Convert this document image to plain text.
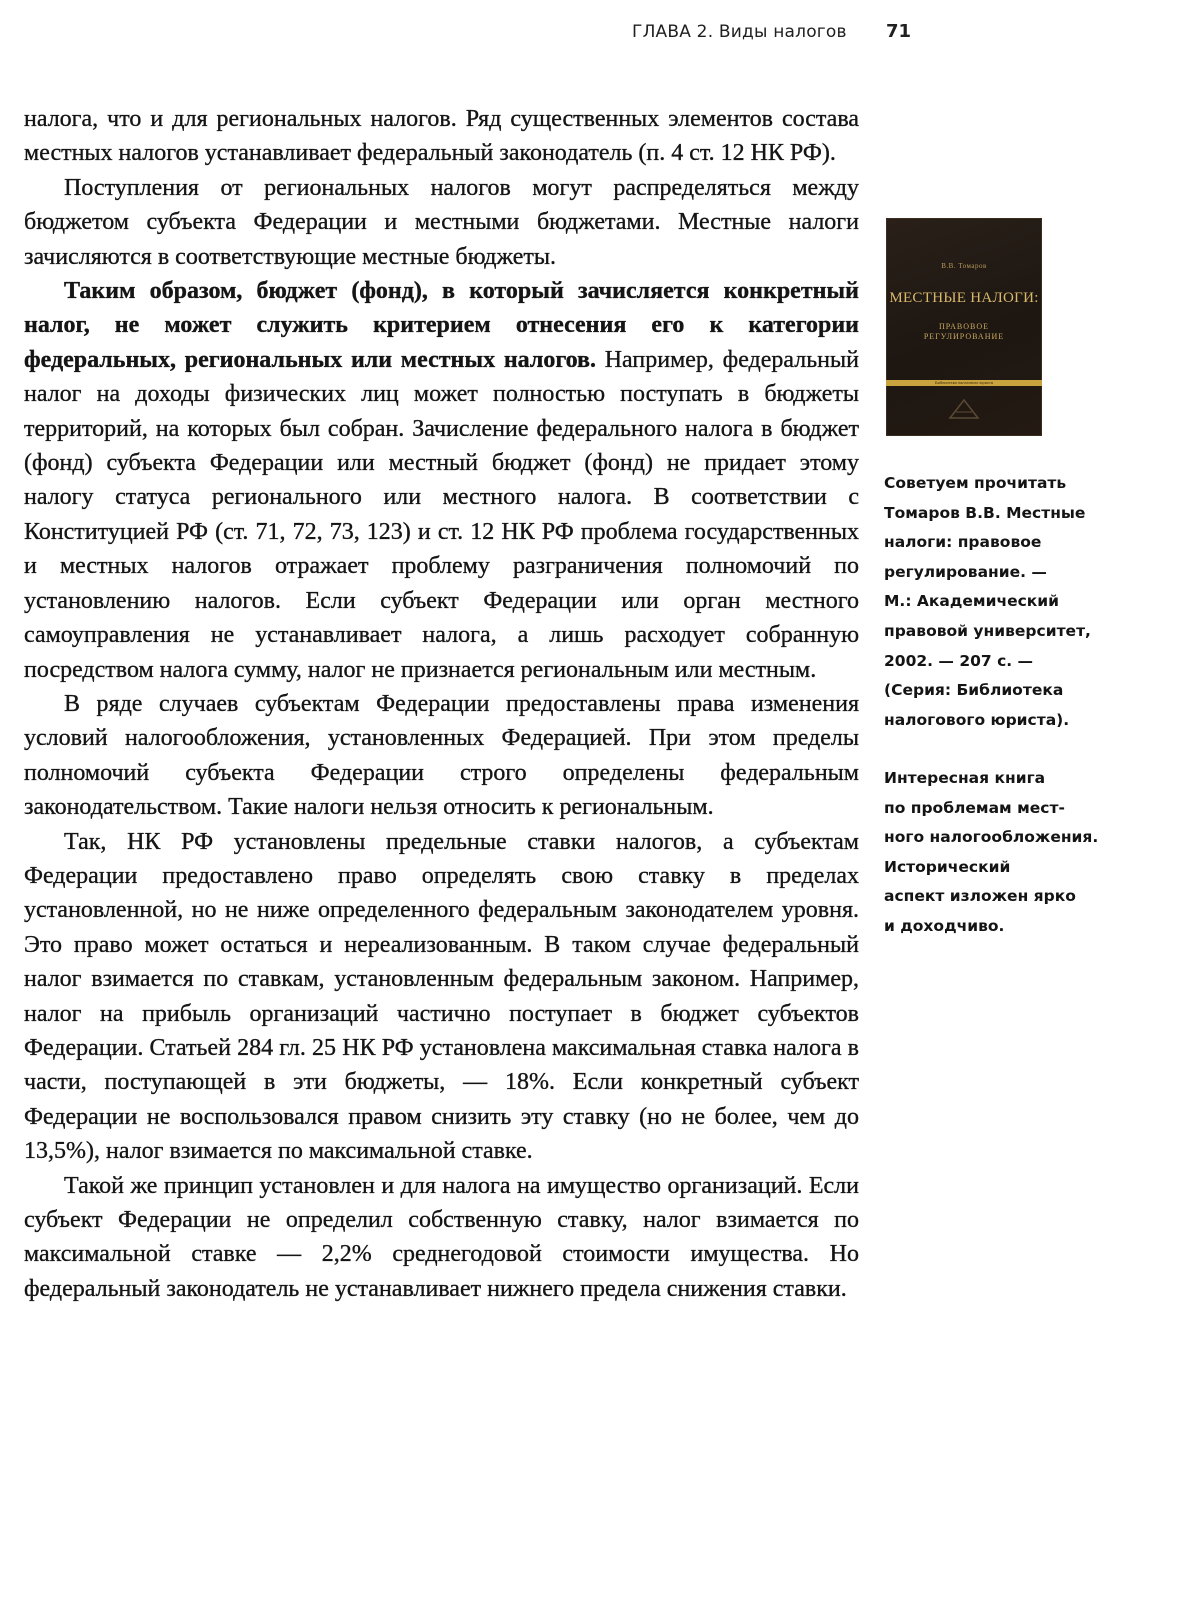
ГЛАВА 2. Виды налогов 71

налога, что и для региональных налогов. Ряд существенных элементов состава местных налогов устанавливает федеральный законодатель (п. 4 ст. 12 НК РФ).

Поступления от региональных налогов могут распределяться между бюджетом субъекта Федерации и местными бюджетами. Местные налоги зачисляются в соответствующие местные бюджеты.

Таким образом, бюджет (фонд), в который зачисляется конкретный налог, не может служить критерием отнесения его к категории федеральных, региональных или местных налогов. Например, федеральный налог на доходы физических лиц может полностью поступать в бюджеты территорий, на которых был собран. Зачисление федерального налога в бюджет (фонд) субъекта Федерации или местный бюджет (фонд) не придает этому налогу статуса регионального или местного налога. В соответствии с Конституцией РФ (ст. 71, 72, 73, 123) и ст. 12 НК РФ проблема государственных и местных налогов отражает проблему разграничения полномочий по установлению налогов. Если субъект Федерации или орган местного самоуправления не устанавливает налога, а лишь расходует собранную посредством налога сумму, налог не признается региональным или местным.

В ряде случаев субъектам Федерации предоставлены права изменения условий налогообложения, установленных Федерацией. При этом пределы полномочий субъекта Федерации строго определены федеральным законодательством. Такие налоги нельзя относить к региональным.

Так, НК РФ установлены предельные ставки налогов, а субъектам Федерации предоставлено право определять свою ставку в пределах установленной, но не ниже определенного федеральным законодателем уровня. Это право может остаться и нереализованным. В таком случае федеральный налог взимается по ставкам, установленным федеральным законом. Например, налог на прибыль организаций частично поступает в бюджет субъектов Федерации. Статьей 284 гл. 25 НК РФ установлена максимальная ставка налога в части, поступающей в эти бюджеты, — 18%. Если конкретный субъект Федерации не воспользовался правом снизить эту ставку (но не более, чем до 13,5%), налог взимается по максимальной ставке.

Такой же принцип установлен и для налога на имущество организаций. Если субъект Федерации не определил собственную ставку, налог взимается по максимальной ставке — 2,2% среднегодовой стоимости имущества. Но федеральный законодатель не устанавливает нижнего предела снижения ставки.

В.В. Томаров
МЕСТНЫЕ НАЛОГИ:
ПРАВОВОЕ
РЕГУЛИРОВАНИЕ
Библиотека налогового юриста
Советуем прочитать
Томаров В.В. Местные
налоги: правовое
регулирование. —
М.: Академический
правовой университет,
2002. — 207 с. —
(Серия: Библиотека
налогового юриста).
Интересная книга
по проблемам мест-
ного налогообложения.
Исторический
аспект изложен ярко
и доходчиво.
